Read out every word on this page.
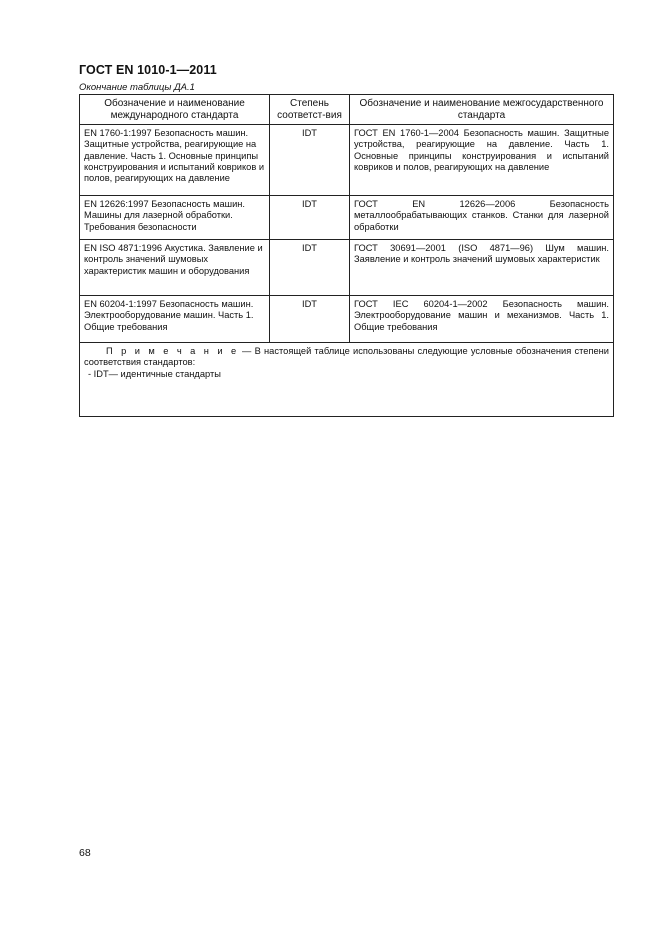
ГОСТ EN 1010-1—2011
Окончание таблицы ДА.1
Обозначение и наименование международного стандарта	Степень соответст-вия	Обозначение и наименование межгосударственного стандарта
EN 1760-1:1997 Безопасность машин. Защитные устройства, реагирующие на давление. Часть 1. Основные принципы конструирования и испытаний ковриков и полов, реагирующих на давление	IDT	ГОСТ EN 1760-1—2004 Безопасность машин. Защитные устройства, реагирующие на давление. Часть 1. Основные принципы конструирования и испытаний ковриков и полов, реагирующих на давление
EN 12626:1997 Безопасность машин. Машины для лазерной обработки. Требования безопасности	IDT	ГОСТ EN 12626—2006 Безопасность металлообрабатывающих станков. Станки для лазерной обработки
EN ISO 4871:1996 Акустика. Заявление и контроль значений шумовых характеристик машин и оборудования	IDT	ГОСТ 30691—2001 (ISO 4871—96) Шум машин. Заявление и контроль значений шумовых характеристик
EN 60204-1:1997 Безопасность машин. Электрооборудование машин. Часть 1. Общие требования	IDT	ГОСТ IEC 60204-1—2002 Безопасность машин. Электрооборудование машин и механизмов. Часть 1. Общие требования

П р и м е ч а н и е — В настоящей таблице использованы следующие условные обозначения степени соответствия стандартов:
- IDT— идентичные стандарты		
68
